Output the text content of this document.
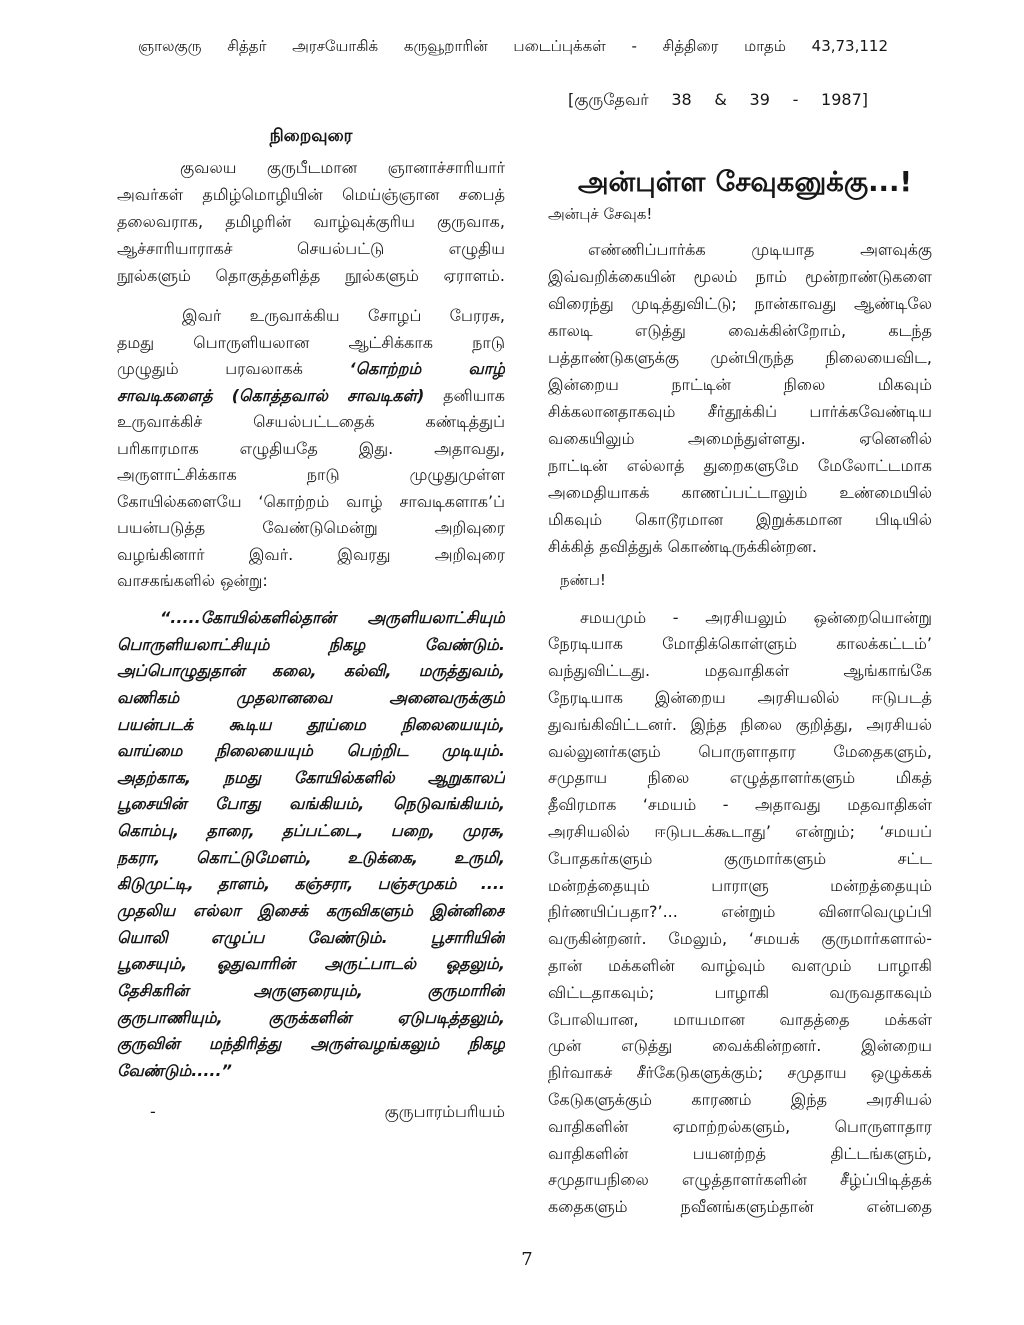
ஞாலகுரு சித்தர் அரசயோகிக் கருவூறாரின் படைப்புக்கள் - சித்திரை மாதம் 43,73,112
[குருதேவர் 38 & 39 - 1987]
நிறைவுரை
குவலய குருபீடமான ஞானாச்சாரியார்
அவர்கள் தமிழ்மொழியின் மெய்ஞ்ஞான சபைத்
தலைவராக, தமிழரின் வாழ்வுக்குரிய குருவாக,
ஆச்சாரியாராகச் செயல்பட்டு எழுதிய
நூல்களும் தொகுத்தளித்த நூல்களும் ஏராளம்.
இவர் உருவாக்கிய சோழப் பேரரசு,
தமது பொருளியலான ஆட்சிக்காக நாடு
முழுதும் பரவலாகக்	‘கொற்றம் வாழ்
சாவடிகளைத் (கொத்தவால் சாவடிகள்) தனியாக
உருவாக்கிச் செயல்பட்டதைக் கண்டித்துப்
பரிகாரமாக எழுதியதே இது. அதாவது,
அருளாட்சிக்காக நாடு முழுதுமுள்ள
கோயில்களையே ‘கொற்றம் வாழ் சாவடிகளாக’ப்
பயன்படுத்த வேண்டுமென்று அறிவுரை
வழங்கினார் இவர். இவரது அறிவுரை
வாசகங்களில் ஒன்று:
“.....கோயில்களில்தான் அருளியலாட்சியும்
பொருளியலாட்சியும் நிகழ வேண்டும்.
அப்பொழுதுதான் கலை, கல்வி, மருத்துவம்,
வணிகம் முதலானவை அனைவருக்கும்
பயன்படக் கூடிய தூய்மை நிலையையும்,
வாய்மை நிலையையும் பெற்றிட முடியும்.
அதற்காக, நமது கோயில்களில் ஆறுகாலப்
பூசையின் போது வங்கியம், நெடுவங்கியம்,
கொம்பு, தாரை, தப்பட்டை, பறை, முரசு,
நகரா, கொட்டுமேளம், உடுக்கை, உருமி,
கிடுமுட்டி, தாளம், கஞ்சரா, பஞ்சமுகம் ....
முதலிய எல்லா இசைக் கருவிகளும் இன்னிசை
யொலி எழுப்ப வேண்டும். பூசாரியின்
பூசையும், ஓதுவாரின் அருட்பாடல் ஓதலும்,
தேசிகரின் அருளுரையும், குருமாரின்
குருபாணியும், குருக்களின் ஏடுபடித்தலும்,
குருவின் மந்திரித்து அருள்வழங்கலும் நிகழ
வேண்டும்.....”
-	குருபாரம்பரியம்
அன்புள்ள சேவுகனுக்கு...!
அன்புச் சேவுக!
எண்ணிப்பார்க்க முடியாத அளவுக்கு
இவ்வறிக்கையின் மூலம் நாம் மூன்றாண்டுகளை
விரைந்து முடித்துவிட்டு; நான்காவது ஆண்டிலே
காலடி எடுத்து வைக்கின்றோம், கடந்த
பத்தாண்டுகளுக்கு முன்பிருந்த நிலையைவிட,
இன்றைய நாட்டின் நிலை மிகவும்
சிக்கலானதாகவும் சீர்தூக்கிப் பார்க்கவேண்டிய
வகையிலும் அமைந்துள்ளது. ஏனெனில்
நாட்டின் எல்லாத் துறைகளுமே மேலோட்டமாக
அமைதியாகக் காணப்பட்டாலும் உண்மையில்
மிகவும் கொடூரமான இறுக்கமான பிடியில்
சிக்கித் தவித்துக் கொண்டிருக்கின்றன.
நண்ப!
சமயமும் - அரசியலும் ஒன்றையொன்று
நேரடியாக மோதிக்கொள்ளும் காலக்கட்டம்’
வந்துவிட்டது. மதவாதிகள் ஆங்காங்கே
நேரடியாக இன்றைய அரசியலில் ஈடுபடத்
துவங்கிவிட்டனர். இந்த நிலை குறித்து, அரசியல்
வல்லுனர்களும் பொருளாதார மேதைகளும்,
சமுதாய நிலை எழுத்தாளர்களும் மிகத்
தீவிரமாக ‘சமயம் - அதாவது மதவாதிகள்
அரசியலில் ஈடுபடக்கூடாது’ என்றும்; ‘சமயப்
போதகர்களும் குருமார்களும் சட்ட
மன்றத்தையும் பாராளு மன்றத்தையும்
நிர்ணயிப்பதா?’... என்றும் வினாவெழுப்பி
வருகின்றனர். மேலும், ‘சமயக் குருமார்களால்-
தான் மக்களின் வாழ்வும் வளமும் பாழாகி
விட்டதாகவும்; பாழாகி வருவதாகவும்
போலியான, மாயமான வாதத்தை மக்கள்
முன் எடுத்து வைக்கின்றனர். இன்றைய
நிர்வாகச் சீர்கேடுகளுக்கும்; சமுதாய ஒழுக்கக்
கேடுகளுக்கும் காரணம் இந்த அரசியல்
வாதிகளின் ஏமாற்றல்களும், பொருளாதார
வாதிகளின் பயனற்றத் திட்டங்களும்,
சமுதாயநிலை எழுத்தாளர்களின் சீழ்ப்பிடித்தக்
கதைகளும் நவீனங்களும்தான் என்பதை
7
